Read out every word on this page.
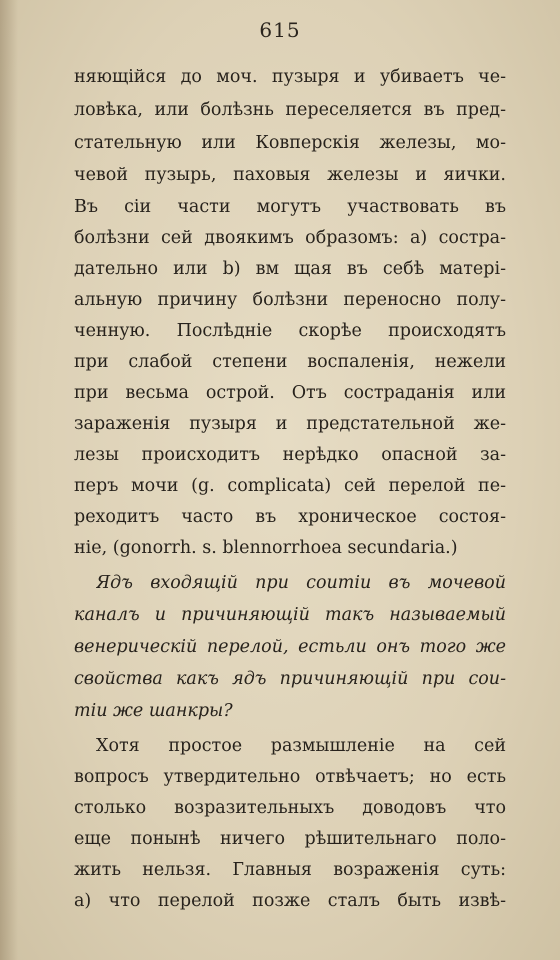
615
няющійся до моч. пузыря и убиваетъ че-
ловѣка, или болѣзнь переселяется въ пред-
стательную или Ковперскія железы, мо-
чевой пузырь, паховыя железы и яички.
Въ сіи части могутъ участвовать въ
болѣзни сей двоякимъ образомъ: а) сострa-
дательно или b) вм щая въ себѣ матері-
альную причину болѣзни переносно полу-
ченную. Послѣдніе скорѣе происходятъ
при слабой степени воспаленія, нежели
при весьма острой. Отъ сострaданія или
зараженія пузыря и предстательной же-
лезы происходитъ нерѣдко опасной за-
перъ мочи (g. complicata) сей перелой пе-
реходитъ часто въ хроническое состоя-
ніе, (gonorrh. s. blennorrhoea secundaria.)
Ядъ входящій при соитіи въ мочевой
каналъ и причиняющій такъ называемый
венерическій перелой, естьли онъ того же
свойства какъ ядъ причиняющій при сои-
тіи же шанкры?
Хотя простое размышленіе на сей
вопросъ утвердительно отвѣчаетъ; но есть
столько возразительныхъ доводовъ что
еще понынѣ ничего рѣшительнаго поло-
жить нельзя. Главныя возраженія суть:
а) что перелой позже сталъ быть извѣ-
